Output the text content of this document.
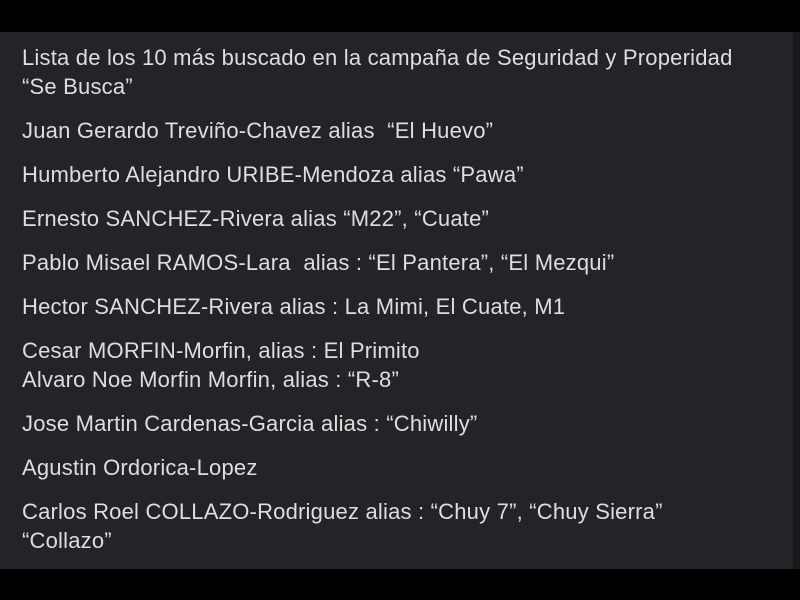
Lista de los 10 más buscado en la campaña de Seguridad y Properidad
“Se Busca”
Juan Gerardo Treviño-Chavez alias  “El Huevo”
Humberto Alejandro URIBE-Mendoza alias “Pawa”
Ernesto SANCHEZ-Rivera alias “M22”, “Cuate”
Pablo Misael RAMOS-Lara  alias : “El Pantera”, “El Mezqui”
Hector SANCHEZ-Rivera alias : La Mimi, El Cuate, M1
Cesar MORFIN-Morfin, alias : El Primito
Alvaro Noe Morfin Morfin, alias : “R-8”
Jose Martin Cardenas-Garcia alias : “Chiwilly”
Agustin Ordorica-Lopez
Carlos Roel COLLAZO-Rodriguez alias : “Chuy 7”, “Chuy Sierra”
“Collazo”
